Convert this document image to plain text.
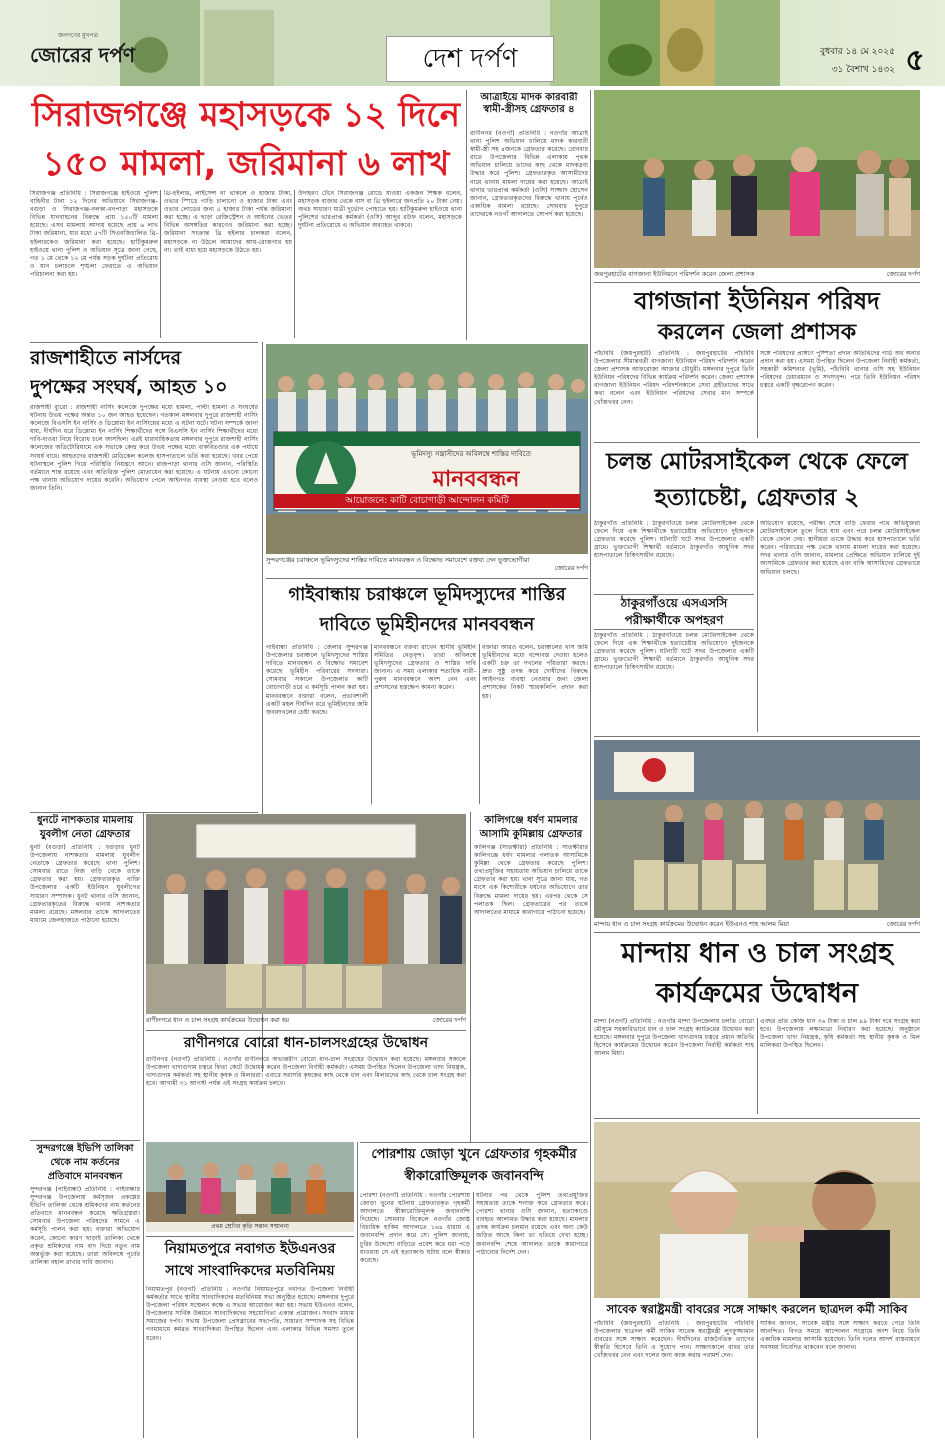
জনগণের মুখপত্র
জোরের দর্পণ	দেশ দর্পণ	বুধবার ১৪ মে ২০২৫
৩১ বৈশাখ ১৪৩২ ৫
সিরাজগঞ্জে মহাসড়কে ১২ দিনে
১৫০ মামলা, জরিমানা ৬ লাখ
সিরাজগঞ্জ প্রতিনিধি : সিরাজগঞ্জে হাইওয়ে পুলিশ বাহিনীর টানা ১২ দিনের অভিযানে সিরাজগঞ্জ-বগুড়া ও সিরাজগঞ্জ-নলকা-বনপাড়া মহাসড়কে বিভিন্ন যানবাহনের বিরুদ্ধে প্রায় ১৫০টি মামলা হয়েছে। এসব মামলায় আদায় হয়েছে প্রায় ৬ লাখ টাকা জরিমানা, যার মধ্যে ৫৭টি সিএনজিচালিত থ্রি-হুইলারকেও জরিমানা করা হয়েছে। হাটিকুমরুল হাইওয়ে থানা পুলিশ ও অভিযান সূত্রে জানা গেছে, গত ১ মে থেকে ১২ মে পর্যন্ত সড়ক দুর্ঘটনা প্রতিরোধ ও যান চলাচলে শৃঙ্খলা ফেরাতে এ অভিযান পরিচালনা করা হয়।
থ্রি-হুইলার, লাইসেন্স না থাকলে ও হাজার টাকা, ওভার স্পিডে গাড়ি চালানো ও হাজার টাকা এবং ওভার লোডের জন্য ৫ হাজার টাকা পর্যন্ত জরিমানা করা হচ্ছে। এ ছাড়া রেজিস্ট্রেশন ও আইনের ভেতর বিভিন্ন অসঙ্গতির কারণেও জরিমানা করা হচ্ছে। জরিমানা সংক্রান্ত থ্রি হুইলার চালকরা বলেন, মহাসড়কে না উঠলে আমাদের আয়-রোজগার হয় না। তাই বাধ্য হয়ে মহাসড়কে উঠতে হয়।
উদাহরণ টেনে সিরাজগঞ্জ রোডে যাওয়া একজন শিক্ষক বলেন, মহাসড়ক বাজার থেকে বাস বা থ্রি হুইলারে জনপ্রতি ২০ টাকা নেয়। অথচ সাধারণ যাত্রী দুর্ভোগ পোহাতে হয়। হাটিকুমরুল হাইওয়ে থানা পুলিশের ভারপ্রাপ্ত কর্মকর্তা (ওসি) আব্দুর রউফ বলেন, মহাসড়কে দুর্ঘটনা প্রতিরোধে এ অভিযান অব্যাহত থাকবে।
আত্রাইয়ে মাদক কারবারী স্বামী-স্ত্রীসহ গ্রেফতার ৪
রাণীনগর (নওগাঁ) প্রতিনিধি : নওগাঁর আত্রাই থানা পুলিশ অভিযান চালিয়ে মাদক কারবারী স্বামী-স্ত্রী সহ ৪জনকে গ্রেফতার করেছে। রোববার রাতে উপজেলার বিভিন্ন এলাকায় পৃথক অভিযান চালিয়ে তাদের কাছ থেকে মাদকদ্রব্য উদ্ধার করে পুলিশ। গ্রেফতারকৃত আসামীদের নামে থানায় মামলা দায়ের করা হয়েছে। আত্রাই থানার ভারপ্রাপ্ত কর্মকর্তা (ওসি) সাজ্জাদ হোসেন জানান, গ্রেফতারকৃতদের বিরুদ্ধে থানায় পূর্বেও একাধিক মামলা রয়েছে। সোমবার দুপুরে তাদেরকে নওগাঁ আদালতে সোপর্দ করা হয়েছে।
জয়পুরহাটের বাগজানা ইউনিয়নে পরিদর্শন করেন জেলা প্রশাসক	জোরের দর্পণ
বাগজানা ইউনিয়ন পরিষদ
করলেন জেলা প্রশাসক
পাঁচবিবি (জয়পুরহাট) প্রতিনিধি : জয়পুরহাটের পাঁচবিবি উপজেলার সীমান্তবর্তী বাগজানা ইউনিয়ন পরিষদ পরিদর্শন করেন জেলা প্রশাসক আফরোজা আক্তার চৌধুরী। মঙ্গলবার দুপুরে তিনি ইউনিয়ন পরিষদের বিভিন্ন কার্যক্রম পরিদর্শন করেন। জেলা প্রশাসক বাগজানা ইউনিয়ন পরিষদ পরিদর্শনকালে সেবা গ্রহীতাদের সাথে কথা বলেন এবং ইউনিয়ন পরিষদের সেবার মান সম্পর্কে খোঁজখবর নেন।
সঙ্গে পরিষদের প্রাঙ্গণে পুষ্পিতা প্রদান অতিথিদের গার্ড অব অনার প্রদান করা হয়। এসময় উপস্থিত ছিলেন উপজেলা নির্বাহী কর্মকর্তা, সহকারী কমিশনার (ভূমি), পাঁচবিবি থানার ওসি সহ ইউনিয়ন পরিষদের চেয়ারম্যান ও সদস্যবৃন্দ। পরে তিনি ইউনিয়ন পরিষদ চত্বরে একটি বৃক্ষরোপণ করেন।
রাজশাহীতে নার্সদের
দুপক্ষের সংঘর্ষ, আহত ১০
রাজশাহী ব্যুরো : রাজশাহী নার্সিং কলেজে দুপক্ষের মধ্যে হামলা, পাল্টা হামলা ও সংঘর্ষের ঘটনায় উভয় পক্ষের অন্তত ১০ জন আহত হয়েছেন। গতকাল মঙ্গলবার দুপুরে রাজশাহী নার্সিং কলেজে বিএসসি ইন নার্সিং ও ডিপ্লোমা ইন নার্সিংয়ের মধ্যে এ ঘটনা ঘটে। ঘটনা সম্পর্কে জানা যায়, দীর্ঘদিন ধরে ডিপ্লোমা ইন নার্সিং শিক্ষার্থীদের সঙ্গে বিএসসি ইন নার্সিং শিক্ষার্থীদের মধ্যে দাবি-দাওয়া নিয়ে বিরোধ চলে আসছিল। এরই ধারাবাহিকতায় মঙ্গলবার দুপুরে রাজশাহী নার্সিং কলেজের অডিটোরিয়ামে এক সভাকে কেন্দ্র করে উভয় পক্ষের মধ্যে বাকবিতণ্ডার এক পর্যায়ে সংঘর্ষ বাধে। আহতদের রাজশাহী মেডিকেল কলেজ হাসপাতালে ভর্তি করা হয়েছে। খবর পেয়ে ঘটনাস্থলে পুলিশ গিয়ে পরিস্থিতি নিয়ন্ত্রণে আনে। রাজপাড়া থানার ওসি জানান, পরিস্থিতি বর্তমানে শান্ত রয়েছে এবং অতিরিক্ত পুলিশ মোতায়েন করা হয়েছে। এ ঘটনায় এখনো কোনো পক্ষ থানায় অভিযোগ দায়ের করেনি। অভিযোগ পেলে আইনগত ব্যবস্থা নেওয়া হবে বলেও জানান তিনি।
ভূমিদস্যু সন্ত্রাসীদের অবিলম্বে শাস্তির দাবিতে
মানববন্ধন
আয়োজনে: কাটি বোচাগাড়ী আন্দোলন কমিটি
সুন্দরগঞ্জের চরাঞ্চলে ভূমিদস্যুদের শাস্তির দাবিতে মানববন্ধন ও বিক্ষোভ সমাবেশে বক্তব্য দেন ভুক্তভোগীরা
জোরের দর্পণ
গাইবান্ধায় চরাঞ্চলে ভূমিদস্যুদের শাস্তির
দাবিতে ভূমিহীনদের মানববন্ধন
গাইবান্ধা প্রতিনিধি : জেলার সুন্দরগঞ্জ উপজেলার চরাঞ্চলে ভূমিদস্যুদের শাস্তির দাবিতে মানববন্ধন ও বিক্ষোভ সমাবেশ করেছে ভূমিহীন পরিবারের সদস্যরা। সোমবার সকালে উপজেলার কাটি বোচাগাড়ী চরে এ কর্মসূচি পালন করা হয়। মানববন্ধনে বক্তারা বলেন, প্রভাবশালী একটি মহল দীর্ঘদিন ধরে ভূমিহীনদের জমি জবরদখলের চেষ্টা করছে।
মানববন্ধনে বক্তব্য রাখেন স্থানীয় ভূমিহীন সমিতির নেতৃবৃন্দ। তারা অবিলম্বে ভূমিদস্যুদের গ্রেফতার ও শাস্তির দাবি জানান। এ সময় এলাকার শতাধিক নারী-পুরুষ মানববন্ধনে অংশ নেন এবং প্রশাসনের হস্তক্ষেপ কামনা করেন।
বক্তারা আরও বলেন, চরাঞ্চলের খাস জমি ভূমিহীনদের মধ্যে বন্দোবস্ত দেওয়া হলেও একটি চক্র তা দখলের পাঁয়তারা করছে। দ্রুত সুষ্ঠু তদন্ত করে দোষীদের বিরুদ্ধে আইনগত ব্যবস্থা নেওয়ার জন্য জেলা প্রশাসকের নিকট স্মারকলিপি প্রদান করা হয়।
চলন্ত মোটরসাইকেল থেকে ফেলে
হত্যাচেষ্টা, গ্রেফতার ২
ঠাকুরগাঁও প্রতিনিধি : ঠাকুরগাঁওয়ে চলন্ত মোটরসাইকেল থেকে ফেলে দিয়ে এক শিক্ষার্থীকে হত্যাচেষ্টার অভিযোগে দুইজনকে গ্রেফতার করেছে পুলিশ। ঘটনাটি ঘটে সদর উপজেলার একটি গ্রামে। ভুক্তভোগী শিক্ষার্থী বর্তমানে ঠাকুরগাঁও আধুনিক সদর হাসপাতালে চিকিৎসাধীন রয়েছে।
ঠাকুরগাঁওয়ে এসএসসি
পরীক্ষার্থীকে অপহরণ
অভিযোগ রয়েছে, পরীক্ষা শেষে বাড়ি ফেরার পথে অভিযুক্তরা মোটরসাইকেলে তুলে নিয়ে যায় এবং পরে চলন্ত মোটরসাইকেল থেকে ফেলে দেয়। স্থানীয়রা তাকে উদ্ধার করে হাসপাতালে ভর্তি করেন। পরিবারের পক্ষ থেকে থানায় মামলা দায়ের করা হয়েছে। সদর থানার ওসি জানান, মামলার প্রেক্ষিতে অভিযান চালিয়ে দুই আসামিকে গ্রেফতার করা হয়েছে এবং বাকি আসামিদের গ্রেফতারে অভিযান চলছে।
ঠাকুরগাঁও প্রতিনিধি : ঠাকুরগাঁওয়ে চলন্ত মোটরসাইকেল থেকে ফেলে দিয়ে এক শিক্ষার্থীকে হত্যাচেষ্টার অভিযোগে দুইজনকে গ্রেফতার করেছে পুলিশ। ঘটনাটি ঘটে সদর উপজেলার একটি গ্রামে। ভুক্তভোগী শিক্ষার্থী বর্তমানে ঠাকুরগাঁও আধুনিক সদর হাসপাতালে চিকিৎসাধীন রয়েছে।
মান্দায় ধান ও চাল সংগ্রহ কার্যক্রমের উদ্বোধন করেন ইউএনও শাহ আলম মিয়া	জোরের দর্পণ
মান্দায় ধান ও চাল সংগ্রহ
কার্যক্রমের উদ্বোধন
মান্দা (নওগাঁ) প্রতিনিধি : নওগাঁর মান্দা উপজেলায় চলতি বোরো মৌসুমে সরকারিভাবে ধান ও চাল সংগ্রহ কার্যক্রমের উদ্বোধন করা হয়েছে। মঙ্গলবার দুপুরে উপজেলা খাদ্যগুদাম চত্বরে প্রধান অতিথি হিসেবে কার্যক্রমের উদ্বোধন করেন উপজেলা নির্বাহী কর্মকর্তা শাহ আলম মিয়া।
এবছর প্রতি কেজি ধান ৩৬ টাকা ও চাল ৪৯ টাকা দরে সংগ্রহ করা হবে। উপজেলায় লক্ষ্যমাত্রা নির্ধারণ করা হয়েছে। অনুষ্ঠানে উপজেলা খাদ্য নিয়ন্ত্রক, কৃষি কর্মকর্তা সহ স্থানীয় কৃষক ও মিল মালিকরা উপস্থিত ছিলেন।
ধুনটে নাশকতার মামলায়
যুবলীগ নেতা গ্রেফতার
ধুনট (বগুড়া) প্রতিনিধি : বগুড়ার ধুনট উপজেলায় নাশকতার মামলায় যুবলীগ নেতাকে গ্রেফতার করেছে থানা পুলিশ। সোমবার রাতে নিজ বাড়ি থেকে তাকে গ্রেফতার করা হয়। গ্রেফতারকৃত ব্যক্তি উপজেলার একটি ইউনিয়ন যুবলীগের সাধারণ সম্পাদক। ধুনট থানার ওসি জানান, গ্রেফতারকৃতের বিরুদ্ধে থানায় নাশকতার মামলা রয়েছে। মঙ্গলবার তাকে আদালতের মাধ্যমে জেলহাজতে পাঠানো হয়েছে।
রাণীনগরে ধান ও চাল সংগ্রহ কার্যক্রমের উদ্বোধন করা হয়	জোরের দর্পণ
কালিগঞ্জে ধর্ষণ মামলার
আসামি কুমিল্লায় গ্রেফতার
কালিগঞ্জ (সাতক্ষীরা) প্রতিনিধি : সাতক্ষীরার কালিগঞ্জে ধর্ষণ মামলার পলাতক আসামিকে কুমিল্লা থেকে গ্রেফতার করেছে পুলিশ। তথ্যপ্রযুক্তির সহায়তায় অভিযান চালিয়ে তাকে গ্রেফতার করা হয়। থানা সূত্রে জানা যায়, গত মাসে এক কিশোরীকে ধর্ষণের অভিযোগে তার বিরুদ্ধে মামলা দায়ের হয়। এরপর থেকে সে পলাতক ছিল। গ্রেফতারের পর তাকে আদালতের মাধ্যমে কারাগারে পাঠানো হয়েছে।
রাণীনগরে বোরো ধান-চালসংগ্রহের উদ্বোধন
রাণীনগর (নওগাঁ) প্রতিনিধি : নওগাঁর রাণীনগরে অভ্যন্তরীণ বোরো ধান-চাল সংগ্রহের উদ্বোধন করা হয়েছে। মঙ্গলবার সকালে উপজেলা খাদ্যগুদাম চত্বরে ফিতা কেটে উদ্বোধন করেন উপজেলা নির্বাহী কর্মকর্তা। এসময় উপস্থিত ছিলেন উপজেলা খাদ্য নিয়ন্ত্রক, খাদ্যগুদাম কর্মকর্তা সহ স্থানীয় কৃষক ও মিলাররা। এবারে সরাসরি কৃষকের কাছ থেকে ধান এবং মিলারদের কাছ থেকে চাল সংগ্রহ করা হবে। আগামী ৩১ আগস্ট পর্যন্ত এই সংগ্রহ কার্যক্রম চলবে।
সুন্দরগঞ্জে ইভিপি তালিকা
থেকে নাম কর্তনের
প্রতিবাদে মানববন্ধন
সুন্দরগঞ্জ (গাইবান্ধা) প্রতিনিধি : গাইবান্ধার সুন্দরগঞ্জ উপজেলায় কর্মসৃজন প্রকল্পের ইভিপি তালিকা থেকে শ্রমিকদের নাম কর্তনের প্রতিবাদে মানববন্ধন করেছে ক্ষতিগ্রস্তরা। সোমবার উপজেলা পরিষদের সামনে এ কর্মসূচি পালন করা হয়। বক্তারা অভিযোগ করেন, কোনো কারণ ছাড়াই তালিকা থেকে প্রকৃত শ্রমিকদের নাম বাদ দিয়ে নতুন নাম অন্তর্ভুক্ত করা হয়েছে। তারা অবিলম্বে পূর্বের তালিকা বহাল রাখার দাবি জানান।
প্রথম শ্রেণির কৃতি সন্তান সম্মাননা
নিয়ামতপুরে নবাগত ইউএনওর
সাথে সাংবাদিকদের মতবিনিময়
নিয়ামতপুর (নওগাঁ) প্রতিনিধি : নওগাঁর নিয়ামতপুরে নবাগত উপজেলা নির্বাহী কর্মকর্তার সাথে স্থানীয় সাংবাদিকদের মতবিনিময় সভা অনুষ্ঠিত হয়েছে। মঙ্গলবার দুপুরে উপজেলা পরিষদ সম্মেলন কক্ষে এ সভার আয়োজন করা হয়। সভায় ইউএনও বলেন, উপজেলার সার্বিক উন্নয়নে সাংবাদিকদের সহযোগিতা একান্ত প্রয়োজন। সংবাদ মাধ্যম সমাজের দর্পণ। সভায় উপজেলা প্রেসক্লাবের সভাপতি, সাধারণ সম্পাদক সহ বিভিন্ন গণমাধ্যমে কর্মরত সাংবাদিকরা উপস্থিত ছিলেন এবং এলাকার বিভিন্ন সমস্যা তুলে ধরেন।
পোরশায় জোড়া খুনে গ্রেফতার গৃহকর্মীর
স্বীকারোক্তিমূলক জবানবন্দি
পোরশা (নওগাঁ) প্রতিনিধি : নওগাঁর পোরশায় জোড়া খুনের ঘটনায় গ্রেফতারকৃত গৃহকর্মী আদালতে স্বীকারোক্তিমূলক জবানবন্দি দিয়েছে। সোমবার বিকেলে নওগাঁর জ্যেষ্ঠ বিচারিক হাকিম আদালতে ১৬৪ ধারায় এ জবানবন্দি প্রদান করে সে। পুলিশ জানায়, চুরির উদ্দেশ্যে বাড়িতে প্রবেশ করে ধরা পড়ে যাওয়ায় সে এই হত্যাকাণ্ড ঘটায় বলে স্বীকার করেছে।
ঘটনার পর থেকে পুলিশ তথ্যপ্রযুক্তির সহায়তায় তাকে শনাক্ত করে গ্রেফতার করে। পোরশা থানার ওসি জানান, হত্যাকাণ্ডে ব্যবহৃত আলামত উদ্ধার করা হয়েছে। মামলার তদন্ত কার্যক্রম চলমান রয়েছে এবং অন্য কেউ জড়িত আছে কিনা তা খতিয়ে দেখা হচ্ছে। জবানবন্দি শেষে আদালত তাকে কারাগারে পাঠানোর নির্দেশ দেন।
সাবেক স্বরাষ্ট্রমন্ত্রী বাবরের সঙ্গে সাক্ষাৎ করলেন ছাত্রদল কর্মী সাকিব
পাঁচবিবি (জয়পুরহাট) প্রতিনিধি : জয়পুরহাটের পাঁচবিবি উপজেলার ছাত্রদল কর্মী সাকিব সাবেক স্বরাষ্ট্রমন্ত্রী লুৎফুজ্জামান বাবরের সঙ্গে সাক্ষাৎ করেছেন। দীর্ঘদিনের রাজনৈতিক ত্যাগের স্বীকৃতি হিসেবে তিনি এ সুযোগ পান। সাক্ষাৎকালে বাবর তার খোঁজখবর নেন এবং দলের জন্য কাজ করার পরামর্শ দেন।
সাকিব জানান, সাবেক মন্ত্রীর সঙ্গে সাক্ষাৎ করতে পেরে তিনি আনন্দিত। বিগত সময়ে আন্দোলন সংগ্রামে অংশ নিয়ে তিনি একাধিক মামলার আসামি হয়েছেন। তিনি দলের আদর্শ বাস্তবায়নে সবসময় নিবেদিত থাকবেন বলে জানান।
